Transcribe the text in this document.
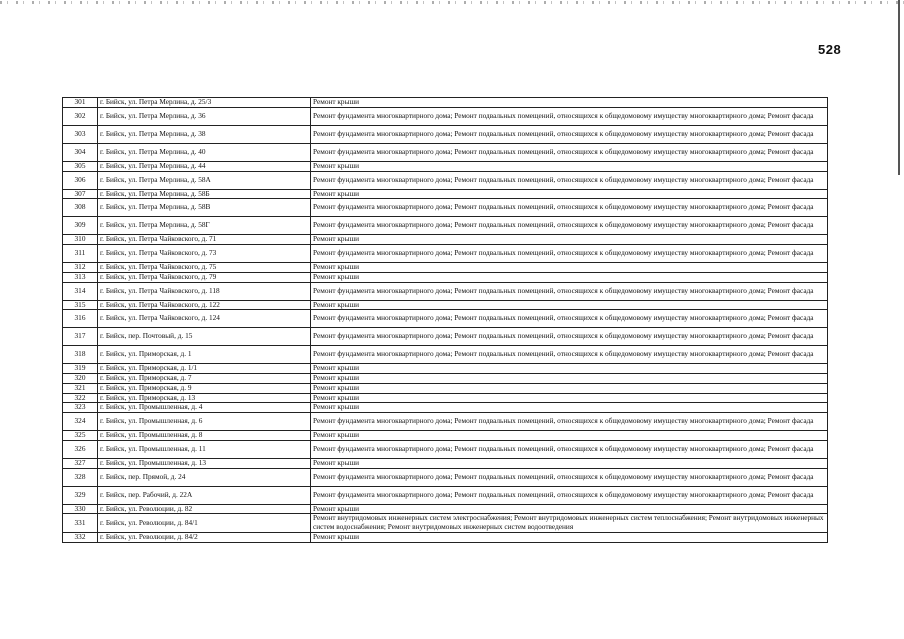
528
301	г. Бийск, ул. Петра Мерлина, д. 25/3	Ремонт крыши
302	г. Бийск, ул. Петра Мерлина, д. 36	Ремонт фундамента многоквартирного дома; Ремонт подвальных помещений, относящихся к общедомовому имуществу многоквартирного дома; Ремонт фасада
303	г. Бийск, ул. Петра Мерлина, д. 38	Ремонт фундамента многоквартирного дома; Ремонт подвальных помещений, относящихся к общедомовому имуществу многоквартирного дома; Ремонт фасада
304	г. Бийск, ул. Петра Мерлина, д. 40	Ремонт фундамента многоквартирного дома; Ремонт подвальных помещений, относящихся к общедомовому имуществу многоквартирного дома; Ремонт фасада
305	г. Бийск, ул. Петра Мерлина, д. 44	Ремонт крыши
306	г. Бийск, ул. Петра Мерлина, д. 58А	Ремонт фундамента многоквартирного дома; Ремонт подвальных помещений, относящихся к общедомовому имуществу многоквартирного дома; Ремонт фасада
307	г. Бийск, ул. Петра Мерлина, д. 58Б	Ремонт крыши
308	г. Бийск, ул. Петра Мерлина, д. 58В	Ремонт фундамента многоквартирного дома; Ремонт подвальных помещений, относящихся к общедомовому имуществу многоквартирного дома; Ремонт фасада
309	г. Бийск, ул. Петра Мерлина, д. 58Г	Ремонт фундамента многоквартирного дома; Ремонт подвальных помещений, относящихся к общедомовому имуществу многоквартирного дома; Ремонт фасада
310	г. Бийск, ул. Петра Чайковского, д. 71	Ремонт крыши
311	г. Бийск, ул. Петра Чайковского, д. 73	Ремонт фундамента многоквартирного дома; Ремонт подвальных помещений, относящихся к общедомовому имуществу многоквартирного дома; Ремонт фасада
312	г. Бийск, ул. Петра Чайковского, д. 75	Ремонт крыши
313	г. Бийск, ул. Петра Чайковского, д. 79	Ремонт крыши
314	г. Бийск, ул. Петра Чайковского, д. 118	Ремонт фундамента многоквартирного дома; Ремонт подвальных помещений, относящихся к общедомовому имуществу многоквартирного дома; Ремонт фасада
315	г. Бийск, ул. Петра Чайковского, д. 122	Ремонт крыши
316	г. Бийск, ул. Петра Чайковского, д. 124	Ремонт фундамента многоквартирного дома; Ремонт подвальных помещений, относящихся к общедомовому имуществу многоквартирного дома; Ремонт фасада
317	г. Бийск, пер. Почтовый, д. 15	Ремонт фундамента многоквартирного дома; Ремонт подвальных помещений, относящихся к общедомовому имуществу многоквартирного дома; Ремонт фасада
318	г. Бийск, ул. Приморская, д. 1	Ремонт фундамента многоквартирного дома; Ремонт подвальных помещений, относящихся к общедомовому имуществу многоквартирного дома; Ремонт фасада
319	г. Бийск, ул. Приморская, д. 1/1	Ремонт крыши
320	г. Бийск, ул. Приморская, д. 7	Ремонт крыши
321	г. Бийск, ул. Приморская, д. 9	Ремонт крыши
322	г. Бийск, ул. Приморская, д. 13	Ремонт крыши
323	г. Бийск, ул. Промышленная, д. 4	Ремонт крыши
324	г. Бийск, ул. Промышленная, д. 6	Ремонт фундамента многоквартирного дома; Ремонт подвальных помещений, относящихся к общедомовому имуществу многоквартирного дома; Ремонт фасада
325	г. Бийск, ул. Промышленная, д. 8	Ремонт крыши
326	г. Бийск, ул. Промышленная, д. 11	Ремонт фундамента многоквартирного дома; Ремонт подвальных помещений, относящихся к общедомовому имуществу многоквартирного дома; Ремонт фасада
327	г. Бийск, ул. Промышленная, д. 13	Ремонт крыши
328	г. Бийск, пер. Прямой, д. 24	Ремонт фундамента многоквартирного дома; Ремонт подвальных помещений, относящихся к общедомовому имуществу многоквартирного дома; Ремонт фасада
329	г. Бийск, пер. Рабочий, д. 22А	Ремонт фундамента многоквартирного дома; Ремонт подвальных помещений, относящихся к общедомовому имуществу многоквартирного дома; Ремонт фасада
330	г. Бийск, ул. Революции, д. 82	Ремонт крыши
331	г. Бийск, ул. Революции, д. 84/1	Ремонт внутридомовых инженерных систем электроснабжения; Ремонт внутридомовых инженерных систем теплоснабжения; Ремонт внутридомовых инженерных систем водоснабжения; Ремонт внутридомовых инженерных систем водоотведения
332	г. Бийск, ул. Революции, д. 84/2	Ремонт крыши
